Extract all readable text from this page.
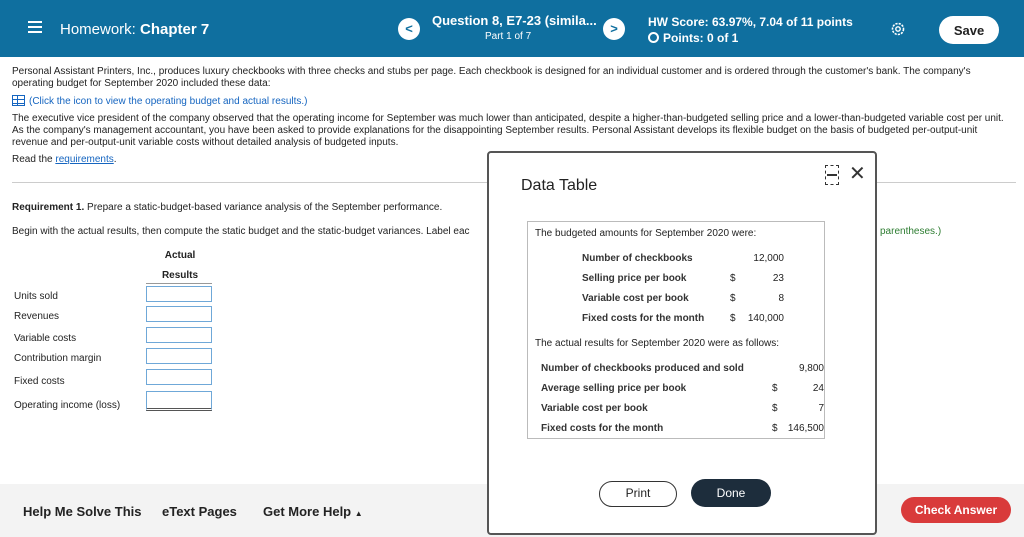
Homework: Chapter 7	<
Question 8, E7-23 (simila...
Part 1 of 7
>	HW Score: 63.97%, 7.04 of 11 points
Points: 0 of 1
Save

Personal Assistant Printers, Inc., produces luxury checkbooks with three checks and stubs per page. Each checkbook is designed for an individual customer and is ordered through the customer's bank. The company's operating budget for September 2020 included these data:

(Click the icon to view the operating budget and actual results.)

The executive vice president of the company observed that the operating income for September was much lower than anticipated, despite a higher-than-budgeted selling price and a lower-than-budgeted variable cost per unit. As the company's management accountant, you have been asked to provide explanations for the disappointing September results. Personal Assistant develops its flexible budget on the basis of budgeted per-output-unit revenue and per-output-unit variable costs without detailed analysis of budgeted inputs.

Read the requirements.

Requirement 1. Prepare a static-budget-based variance analysis of the September performance.
Begin with the actual results, then compute the static budget and the static-budget variances. Label eac	parentheses.)
Actual
Results
Units sold
Revenues
Variable costs
Contribution margin
Fixed costs
Operating income (loss)
Help Me Solve This eText Pages Get More Help ▲	Check Answer
Data Table
✕
The budgeted amounts for September 2020 were:
Number of checkbooks	12,000
Selling price per book	$	23
Variable cost per book	$	8
Fixed costs for the month	$	140,000
The actual results for September 2020 were as follows:
Number of checkbooks produced and sold	9,800
Average selling price per book	$	24
Variable cost per book	$	7
Fixed costs for the month	$	146,500
Print	Done
